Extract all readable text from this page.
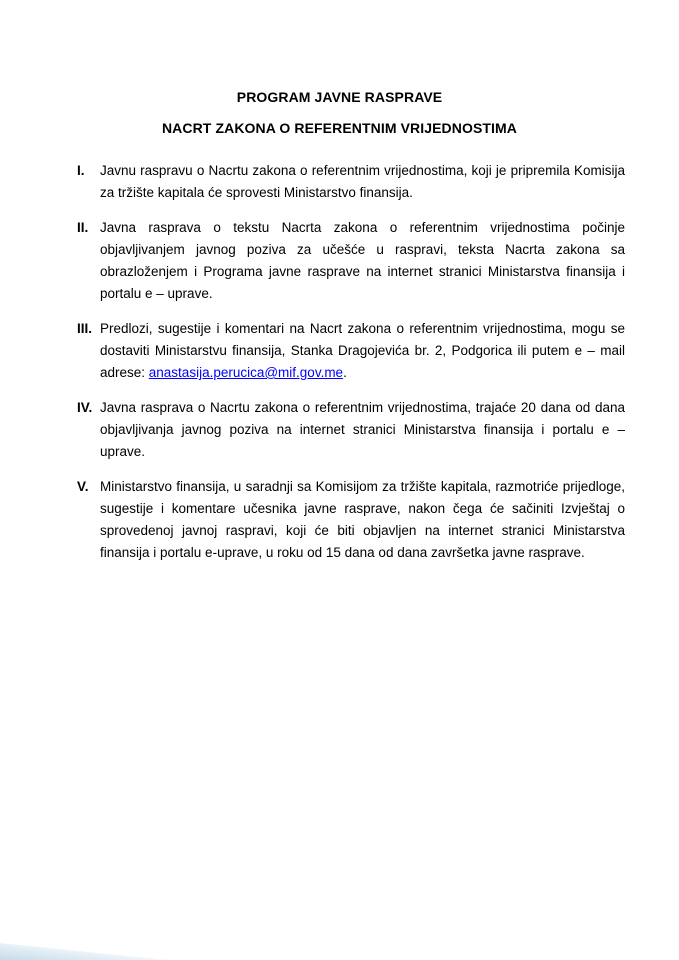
PROGRAM JAVNE RASPRAVE
NACRT ZAKONA O REFERENTNIM VRIJEDNOSTIMA
I.	Javnu raspravu o Nacrtu zakona o referentnim vrijednostima, koji je pripremila Komisija za tržište kapitala će sprovesti Ministarstvo finansija.
II. Javna rasprava o tekstu Nacrta zakona o referentnim vrijednostima počinje objavljivanjem javnog poziva za učešće u raspravi, teksta Nacrta zakona sa obrazloženjem i Programa javne rasprave na internet stranici Ministarstva finansija i portalu e – uprave.
III. Predlozi, sugestije i komentari na Nacrt zakona o referentnim vrijednostima, mogu se dostaviti Ministarstvu finansija, Stanka Dragojevića br. 2, Podgorica ili putem e – mail adrese: anastasija.perucica@mif.gov.me.
IV. Javna rasprava o Nacrtu zakona o referentnim vrijednostima, trajaće 20 dana od dana objavljivanja javnog poziva na internet stranici Ministarstva finansija i portalu e – uprave.
V. Ministarstvo finansija, u saradnji sa Komisijom za tržište kapitala, razmotriće prijedloge, sugestije i komentare učesnika javne rasprave, nakon čega će sačiniti Izvještaj o sprovedenoj javnoj raspravi, koji će biti objavljen na internet stranici Ministarstva finansija i portalu e-uprave, u roku od 15 dana od dana završetka javne rasprave.
